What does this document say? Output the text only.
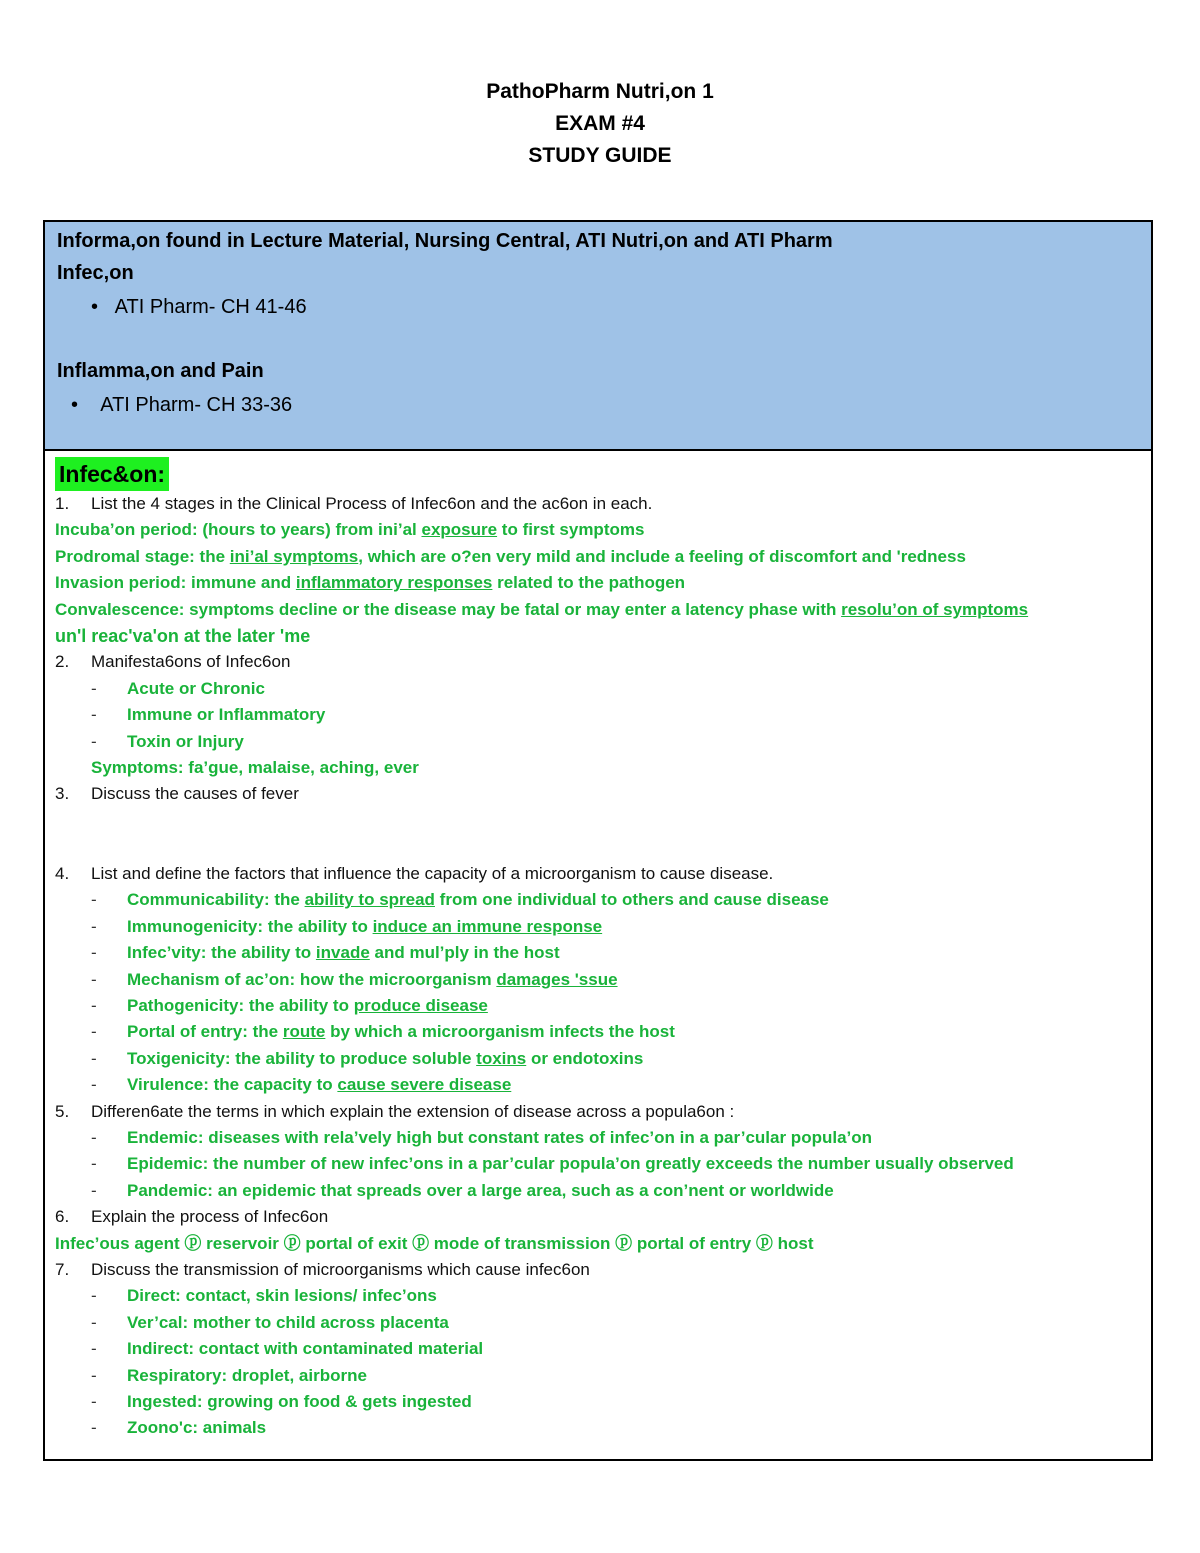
PathoPharm Nutri,on 1
EXAM #4
STUDY GUIDE
Informa,on found in Lecture Material, Nursing Central, ATI Nutri,on and ATI Pharm
Infec,on
•   ATI Pharm- CH 41-46
Inflamma,on and Pain
•    ATI Pharm- CH 33-36
Infec&on:
1. List the 4 stages in the Clinical Process of Infec6on and the ac6on in each.
Incuba’on period: (hours to years) from ini’al exposure to first symptoms
Prodromal stage: the ini’al symptoms, which are o?en very mild and include a feeling of discomfort and 'redness
Invasion period: immune and inflammatory responses related to the pathogen
Convalescence: symptoms decline or the disease may be fatal or may enter a latency phase with resolu’on of symptoms
un'l reac'va'on at the later 'me
2. Manifesta6ons of Infec6on
- Acute or Chronic
- Immune or Inflammatory
- Toxin or Injury
Symptoms: fa’gue, malaise, aching, ever
3. Discuss the causes of fever
4. List and define the factors that influence the capacity of a microorganism to cause disease.
- Communicability: the ability to spread from one individual to others and cause disease
- Immunogenicity: the ability to induce an immune response
- Infec’vity: the ability to invade and mul’ply in the host
- Mechanism of ac’on: how the microorganism damages 'ssue
- Pathogenicity: the ability to produce disease
- Portal of entry: the route by which a microorganism infects the host
- Toxigenicity: the ability to produce soluble toxins or endotoxins
- Virulence: the capacity to cause severe disease
5. Differen6ate the terms in which explain the extension of disease across a popula6on :
- Endemic: diseases with rela’vely high but constant rates of infec’on in a par’cular popula’on
- Epidemic: the number of new infec’ons in a par’cular popula’on greatly exceeds the number usually observed
- Pandemic: an epidemic that spreads over a large area, such as a con’nent or worldwide
6. Explain the process of Infec6on
Infec’ous agent ⓟ reservoir ⓟ portal of exit ⓟ mode of transmission ⓟ portal of entry ⓟ host
7. Discuss the transmission of microorganisms which cause infec6on
- Direct: contact, skin lesions/ infec’ons
- Ver’cal: mother to child across placenta
- Indirect: contact with contaminated material
- Respiratory: droplet, airborne
- Ingested: growing on food & gets ingested
- Zoono'c: animals
